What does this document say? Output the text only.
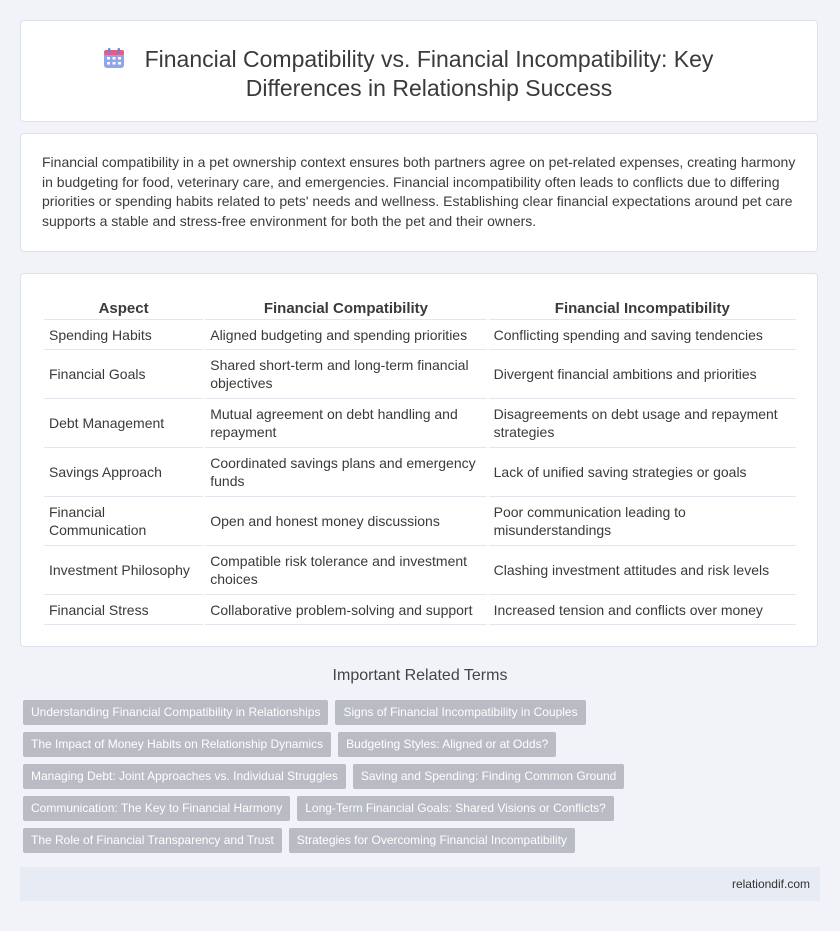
Financial Compatibility vs. Financial Incompatibility: Key Differences in Relationship Success
Financial compatibility in a pet ownership context ensures both partners agree on pet-related expenses, creating harmony in budgeting for food, veterinary care, and emergencies. Financial incompatibility often leads to conflicts due to differing priorities or spending habits related to pets' needs and wellness. Establishing clear financial expectations around pet care supports a stable and stress-free environment for both the pet and their owners.
Aspect	Financial Compatibility	Financial Incompatibility
Spending Habits	Aligned budgeting and spending priorities	Conflicting spending and saving tendencies
Financial Goals	Shared short-term and long-term financial objectives	Divergent financial ambitions and priorities
Debt Management	Mutual agreement on debt handling and repayment	Disagreements on debt usage and repayment strategies
Savings Approach	Coordinated savings plans and emergency funds	Lack of unified saving strategies or goals
Financial Communication	Open and honest money discussions	Poor communication leading to misunderstandings
Investment Philosophy	Compatible risk tolerance and investment choices	Clashing investment attitudes and risk levels
Financial Stress	Collaborative problem-solving and support	Increased tension and conflicts over money
Important Related Terms
Understanding Financial Compatibility in Relationships	Signs of Financial Incompatibility in Couples
The Impact of Money Habits on Relationship Dynamics	Budgeting Styles: Aligned or at Odds?
Managing Debt: Joint Approaches vs. Individual Struggles	Saving and Spending: Finding Common Ground
Communication: The Key to Financial Harmony	Long-Term Financial Goals: Shared Visions or Conflicts?
The Role of Financial Transparency and Trust	Strategies for Overcoming Financial Incompatibility
relationdif.com
